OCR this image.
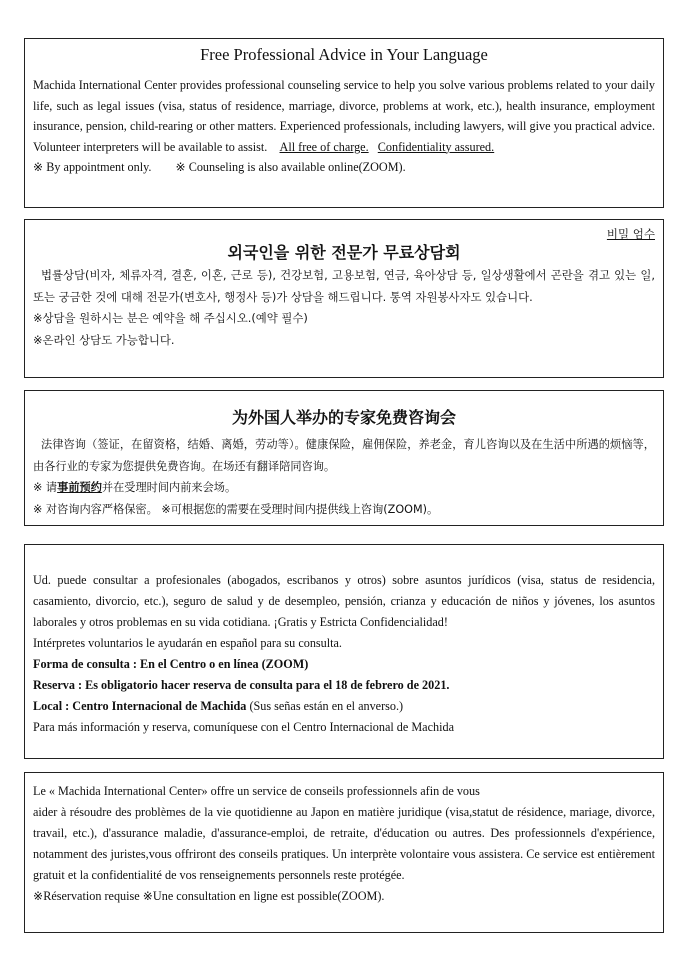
Free Professional Advice in Your Language

Machida International Center provides professional counseling service to help you solve various problems related to your daily life, such as legal issues (visa, status of residence, marriage, divorce, problems at work, etc.), health insurance, employment insurance, pension, child-rearing or other matters. Experienced professionals, including lawyers, will give you practical advice. Volunteer interpreters will be available to assist. All free of charge. Confidentiality assured.

※ By appointment only. ※ Counseling is also available online(ZOOM).

비밀 엄수

외국인을 위한 전문가 무료상담회

법률상담(비자, 체류자격, 결혼, 이혼, 근로 등), 건강보험, 고용보험, 연금, 육아상담 등, 일상생활에서 곤란을 겪고 있는 일, 또는 궁금한 것에 대해 전문가(변호사, 행정사 등)가 상담을 해드립니다. 통역 자원봉사자도 있습니다.

※상담을 원하시는 분은 예약을 해 주십시오.(예약 필수)

※온라인 상담도 가능합니다.

为外国人举办的专家免费咨询会

法律咨询（签证，在留资格，结婚、离婚，劳动等）。健康保险，雇佣保险，养老金，育儿咨询以及在生活中所遇的烦恼等，由各行业的专家为您提供免费咨询。在场还有翻译陪同咨询。

※ 请事前预约并在受理时间内前来会场。

※ 对咨询内容严格保密。 ※可根据您的需要在受理时间内提供线上咨询(ZOOM)。

Ud. puede consultar a profesionales (abogados, escribanos y otros) sobre asuntos jurídicos (visa, status de residencia, casamiento, divorcio, etc.), seguro de salud y de desempleo, pensión, crianza y educación de niños y jóvenes, los asuntos laborales y otros problemas en su vida cotidiana. ¡Gratis y Estricta Confidencialidad!

Intérpretes voluntarios le ayudarán en español para su consulta.

Forma de consulta : En el Centro o en línea (ZOOM)

Reserva : Es obligatorio hacer reserva de consulta para el 18 de febrero de 2021.

Local : Centro Internacional de Machida (Sus señas están en el anverso.)

Para más información y reserva, comuníquese con el Centro Internacional de Machida

Le « Machida International Center» offre un service de conseils professionnels afin de vous

aider à résoudre des problèmes de la vie quotidienne au Japon en matière juridique (visa,statut de résidence, mariage, divorce, travail, etc.), d'assurance maladie, d'assurance-emploi, de retraite, d'éducation ou autres. Des professionnels d'expérience, notamment des juristes,vous offriront des conseils pratiques. Un interprète volontaire vous assistera. Ce service est entièrement gratuit et la confidentialité de vos renseignements personnels reste protégée.

※Réservation requise ※Une consultation en ligne est possible(ZOOM).
